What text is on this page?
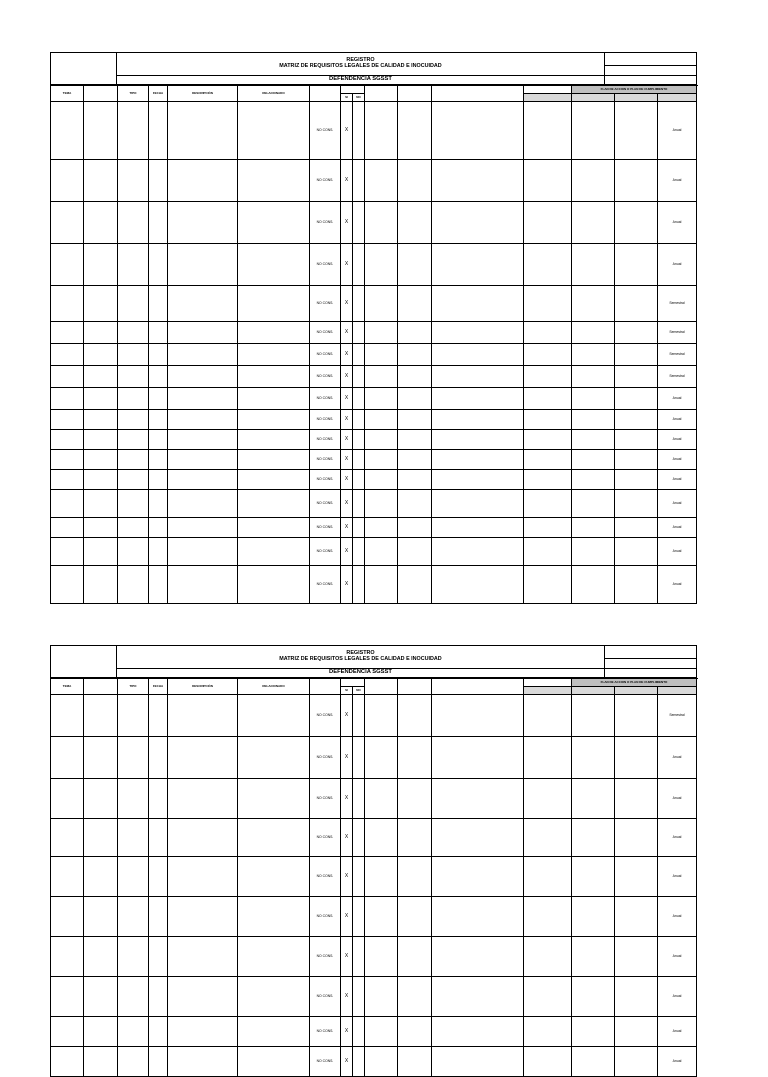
	REGISTRO
MATRIZ DE REQUISITOS LEGALES DE CALIDAD E INOCUIDAD	

	DEFENDENCIA SGSST	
TEMA		TIPO	FECHA	DESCRIPCIÓN	RELACIONADO								FLAN DE ACCION O PLAN DE CUMPLIMIENTO		
							SI	NO							
						NO CONS.	X								Anual
						NO CONS.	X								Anual
						NO CONS.	X								Anual
						NO CONS.	X								Anual
						NO CONS.	X								Semestral
						NO CONS.	X								Semestral
						NO CONS.	X								Semestral
						NO CONS.	X								Semestral
						NO CONS.	X								Anual
						NO CONS.	X								Anual
						NO CONS.	X								Anual
						NO CONS.	X								Anual
						NO CONS.	X								Anual
						NO CONS.	X								Anual
						NO CONS.	X								Anual
						NO CONS.	X								Anual
						NO CONS.	X								Anual
	REGISTRO
MATRIZ DE REQUISITOS LEGALES DE CALIDAD E INOCUIDAD	

	DEFENDENCIA SGSST	
TEMA		TIPO	FECHA	DESCRIPCIÓN	RELACIONADO								FLAN DE ACCION O PLAN DE CUMPLIMIENTO		
							SI	NO							
						NO CONS.	X								Semestral
						NO CONS.	X								Anual
						NO CONS.	X								Anual
						NO CONS.	X								Anual
						NO CONS.	X								Anual
						NO CONS.	X								Anual
						NO CONS.	X								Anual
						NO CONS.	X								Anual
						NO CONS.	X								Anual
						NO CONS.	X								Anual
